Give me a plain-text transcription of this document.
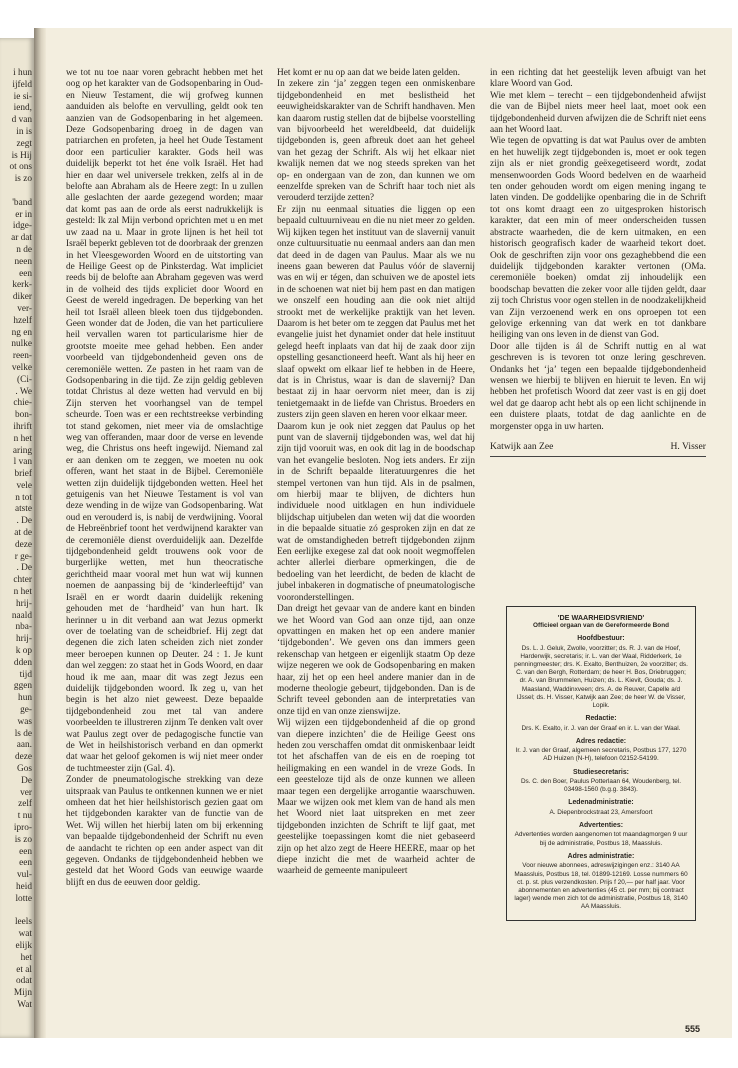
i hun
ijfeld
ie si-
iend,
d van
in is
zegt
is Hij
ot ons
is zo
'band
er in
idge-
ar dat
n de
neen
een
kerk-
diker
ver-
hzelf
ng en
nulke
reen-
velke
(Ci-
. We
chie-
bon-
ihrift
n het
aring
l van
brief
vele
n tot
atste
. De
at de
deze
r ge-
. De
chter
n het
hrij-
naald
nba-
hrij-
k op
dden
tijd
ggen
hun
ge-
was
ls de
aan.
deze
Gos
De
ver
zelf
t nu
ipro-
is zo
een
een
vul-
heid
lotte
leels
wat
elijk
het
et al
odat
Mijn
Wat

we tot nu toe naar voren gebracht hebben met het oog op het karakter van de Godsopenbaring in Oud- en Nieuw Testament, die wij grofweg kunnen aanduiden als belofte en vervulling, geldt ook ten aanzien van de Godsopenbaring in het algemeen. Deze Godsopenbaring droeg in de dagen van patriarchen en profeten, ja heel het Oude Testament door een particulier karakter. Gods heil was duidelijk beperkt tot het éne volk Israël. Het had hier en daar wel universele trekken, zelfs al in de belofte aan Abraham als de Heere zegt: In u zullen alle geslachten der aarde gezegend worden; maar dat komt pas aan de orde als eerst nadrukkelijk is gesteld: Ik zal Mijn verbond oprichten met u en met uw zaad na u. Maar in grote lijnen is het heil tot Israël beperkt gebleven tot de doorbraak der grenzen in het Vleesgeworden Woord en de uitstorting van de Heilige Geest op de Pinksterdag. Wat impliciet reeds bij de belofte aan Abraham gegeven was werd in de volheid des tijds expliciet door Woord en Geest de wereld ingedragen. De beperking van het heil tot Israël alleen bleek toen dus tijdgebonden. Geen wonder dat de Joden, die van het particuliere heil vervallen waren tot particularisme hier de grootste moeite mee gehad hebben. Een ander voorbeeld van tijdgebondenheid geven ons de ceremoniële wetten. Ze pasten in het raam van de Godsopenbaring in die tijd. Ze zijn geldig gebleven totdat Christus al deze wetten had vervuld en bij Zijn sterven het voorhangsel van de tempel scheurde. Toen was er een rechtstreekse verbinding tot stand gekomen, niet meer via de omslachtige weg van offeranden, maar door de verse en levende weg, die Christus ons heeft ingewijd. Niemand zal er aan denken om te zeggen, we moeten nu ook offeren, want het staat in de Bijbel. Ceremoniële wetten zijn duidelijk tijdgebonden wetten. Heel het getuigenis van het Nieuwe Testament is vol van deze wending in de wijze van Godsopenbaring. Wat oud en verouderd is, is nabij de verdwijning. Vooral de Hebreënbrief toont het verdwijnend karakter van de ceremoniële dienst overduidelijk aan. Dezelfde tijdgebondenheid geldt trouwens ook voor de burgerlijke wetten, met hun theocratische gerichtheid maar vooral met hun wat wij kunnen noemen de aanpassing bij de ‘kinderleeftijd’ van Israël en er wordt daarin duidelijk rekening gehouden met de ‘hardheid’ van hun hart. Ik herinner u in dit verband aan wat Jezus opmerkt over de toelating van de scheidbrief. Hij zegt dat degenen die zich laten scheiden zich niet zonder meer beroepen kunnen op Deuter. 24 : 1. Je kunt dan wel zeggen: zo staat het in Gods Woord, en daar houd ik me aan, maar dit was zegt Jezus een duidelijk tijdgebonden woord. Ik zeg u, van het begin is het alzo niet geweest. Deze bepaalde tijdgebondenheid zou met tal van andere voorbeelden te illustreren zijnm Te denken valt over wat Paulus zegt over de pedagogische functie van de Wet in heilshistorisch verband en dan opmerkt dat waar het geloof gekomen is wij niet meer onder de tuchtmeester zijn (Gal. 4).

Zonder de pneumatologische strekking van deze uitspraak van Paulus te ontkennen kunnen we er niet omheen dat het hier heilshistorisch gezien gaat om het tijdgebonden karakter van de functie van de Wet. Wij willen het hierbij laten om bij erkenning van bepaalde tijdgebondenheid der Schrift nu even de aandacht te richten op een ander aspect van dit gegeven. Ondanks de tijdgebondenheid hebben we gesteld dat het Woord Gods van eeuwige waarde blijft en dus de eeuwen door geldig.

Het komt er nu op aan dat we beide laten gelden.

In zekere zin ‘ja’ zeggen tegen een onmiskenbare tijdgebondenheid en met beslistheid het eeuwigheidskarakter van de Schrift handhaven. Men kan daarom rustig stellen dat de bijbelse voorstelling van bijvoorbeeld het wereldbeeld, dat duidelijk tijdgebonden is, geen afbreuk doet aan het geheel van het gezag der Schrift. Als wij het elkaar niet kwalijk nemen dat we nog steeds spreken van het op- en ondergaan van de zon, dan kunnen we om eenzelfde spreken van de Schrift haar toch niet als verouderd terzijde zetten?

Er zijn nu eenmaal situaties die liggen op een bepaald cultuurniveau en die nu niet meer zo gelden. Wij kijken tegen het instituut van de slavernij vanuit onze cultuursituatie nu eenmaal anders aan dan men dat deed in de dagen van Paulus. Maar als we nu ineens gaan beweren dat Paulus vóór de slavernij was en wij er tégen, dan schuiven we de apostel iets in de schoenen wat niet bij hem past en dan matigen we onszelf een houding aan die ook niet altijd strookt met de werkelijke praktijk van het leven. Daarom is het beter om te zeggen dat Paulus met het evangelie juist het dynamiet onder dat hele instituut gelegd heeft inplaats van dat hij de zaak door zijn opstelling gesanctioneerd heeft. Want als hij heer en slaaf opwekt om elkaar lief te hebben in de Heere, dat is in Christus, waar is dan de slavernij? Dan bestaat zij in haar oervorm niet meer, dan is zij tenietgemaakt in de liefde van Christus. Broeders en zusters zijn geen slaven en heren voor elkaar meer.

Daarom kun je ook niet zeggen dat Paulus op het punt van de slavernij tijdgebonden was, wel dat hij zijn tijd vooruit was, en ook dit lag in de boodschap van het evangelie besloten. Nog iets anders. Er zijn in de Schrift bepaalde literatuurgenres die het stempel vertonen van hun tijd. Als in de psalmen, om hierbij maar te blijven, de dichters hun individuele nood uitklagen en hun individuele blijdschap uitjubelen dan weten wij dat die woorden in die bepaalde situatie zó gesproken zijn en dat ze wat de omstandigheden betreft tijdgebonden zijnm Een eerlijke exegese zal dat ook nooit wegmoffelen achter allerlei dierbare opmerkingen, die de bedoeling van het leerdicht, de beden de klacht de jubel inbakeren in dogmatische of pneumatologische vooronderstellingen.

Dan dreigt het gevaar van de andere kant en binden we het Woord van God aan onze tijd, aan onze opvattingen en maken het op een andere manier ‘tijdgebonden’. We geven ons dan immers geen rekenschap van hetgeen er eigenlijk staatm Op deze wijze negeren we ook de Godsopenbaring en maken haar, zij het op een heel andere manier dan in de moderne theologie gebeurt, tijdgebonden. Dan is de Schrift teveel gebonden aan de interpretaties van onze tijd en van onze zienswijze.

Wij wijzen een tijdgebondenheid af die op grond van diepere inzichten’ die de Heilige Geest ons heden zou verschaffen omdat dit onmiskenbaar leidt tot het afschaffen van de eis en de roeping tot heiligmaking en een wandel in de vreze Gods. In een geesteloze tijd als de onze kunnen we alleen maar tegen een dergelijke arrogantie waarschuwen. Maar we wijzen ook met klem van de hand als men het Woord niet laat uitspreken en met zeer tijdgebonden inzichten de Schrift te lijf gaat, met geestelijke toepassingen komt die niet gebaseerd zijn op het alzo zegt de Heere HEERE, maar op het diepe inzicht die met de waarheid achter de waarheid de gemeente manipuleert

in een richting dat het geestelijk leven afbuigt van het klare Woord van God.

Wie met klem – terecht – een tijdgebondenheid afwijst die van de Bijbel niets meer heel laat, moet ook een tijdgebondenheid durven afwijzen die de Schrift niet eens aan het Woord laat.

Wie tegen de opvatting is dat wat Paulus over de ambten en het huwelijk zegt tijdgebonden is, moet er ook tegen zijn als er niet grondig geëxegetiseerd wordt, zodat mensenwoorden Gods Woord bedelven en de waarheid ten onder gehouden wordt om eigen mening ingang te laten vinden. De goddelijke openbaring die in de Schrift tot ons komt draagt een zo uitgesproken historisch karakter, dat een min of meer onderscheiden tussen abstracte waarheden, die de kern uitmaken, en een historisch geografisch kader de waarheid tekort doet. Ook de geschriften zijn voor ons gezaghebbend die een duidelijk tijdgebonden karakter vertonen (OMa. ceremoniële boeken) omdat zij inhoudelijk een boodschap bevatten die zeker voor alle tijden geldt, daar zij toch Christus voor ogen stellen in de noodzakelijkheid van Zijn verzoenend werk en ons oproepen tot een gelovige erkenning van dat werk en tot dankbare heiliging van ons leven in de dienst van God.

Door alle tijden is ál de Schrift nuttig en al wat geschreven is is tevoren tot onze lering geschreven. Ondanks het ‘ja’ tegen een bepaalde tijdgebondenheid wensen we hierbij te blijven en hieruit te leven. En wij hebben het profetisch Woord dat zeer vast is en gij doet wel dat ge daarop acht hebt als op een licht schijnende in een duistere plaats, totdat de dag aanlichte en de morgenster opga in uw harten.

Katwijk aan Zee	H. Visser
'DE WAARHEIDSVRIEND'

Officieel orgaan van de Gereformeerde Bond

Hoofdbestuur:

Ds. L. J. Geluk, Zwolle, voorzitter; ds. R. J. van de Hoef, Harderwijk, secretaris; ir. L. van der Waal, Ridderkerk, 1e penningmeester; drs. K. Exalto, Benthuizen, 2e voorzitter; ds. C. van den Bergh, Rotterdam; de heer H. Bos, Driebruggen; dr. A. van Brummelen, Huizen; ds. L. Kievit, Gouda; ds. J. Maasland, Waddinxveen; drs. A. de Reuver, Capelle a/d IJssel; ds. H. Visser, Katwijk aan Zee; de heer W. de Visser, Lopik.

Redactie:

Drs. K. Exalto, ir. J. van der Graaf en ir. L. van der Waal.

Adres redactie:

Ir. J. van der Graaf, algemeen secretaris, Postbus 177, 1270 AD Huizen (N-H), telefoon 02152-54199.

Studiesecretaris:

Ds. C. den Boer, Paulus Potterlaan 64, Woudenberg, tel. 03498-1560 (b.g.g. 3843).

Ledenadministratie:

A. Diepenbrockstraat 23, Amersfoort

Advertenties:

Advertenties worden aangenomen tot maandagmorgen 9 uur bij de administratie, Postbus 18, Maassluis.

Adres administratie:

Voor nieuwe abonnees, adreswijzigingen enz.: 3140 AA Maassluis, Postbus 18, tel. 01899-12169. Losse nummers 60 ct. p. st. plus verzendkosten. Prijs f 20,— per half jaar. Voor abonnementen en advertenties (45 ct. per mm; bij contract lager) wende men zich tot de administratie, Postbus 18, 3140 AA Maassluis.

555
